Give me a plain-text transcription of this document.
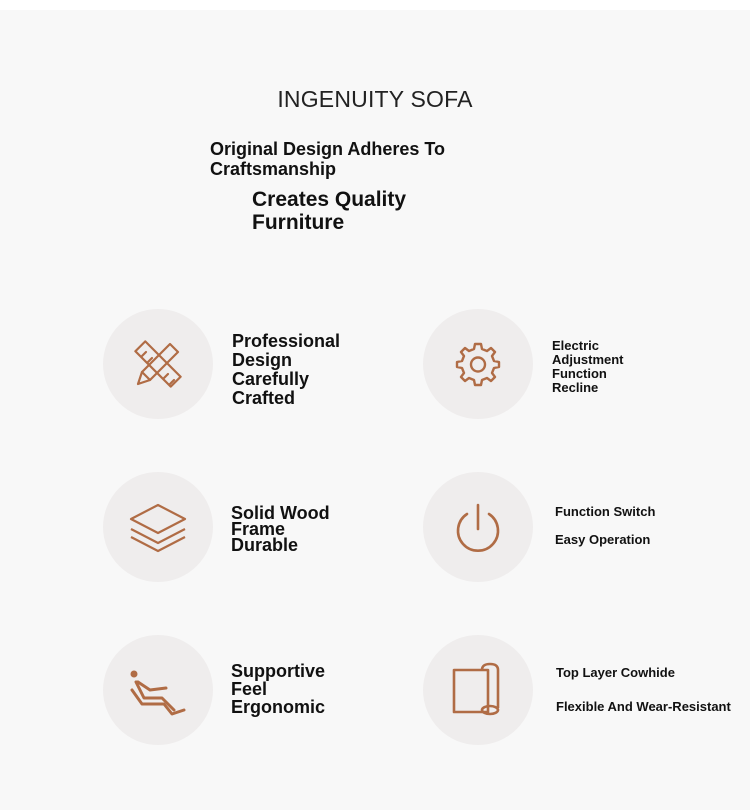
INGENUITY SOFA
Original Design Adheres To
Craftsmanship
Creates Quality
Furniture
Professional
Design
Carefully
Crafted
Electric
Adjustment
Function
Recline
Solid Wood
Frame
Durable
Function Switch
Easy Operation
Supportive
Feel
Ergonomic
Top Layer Cowhide
Flexible And Wear-Resistant
